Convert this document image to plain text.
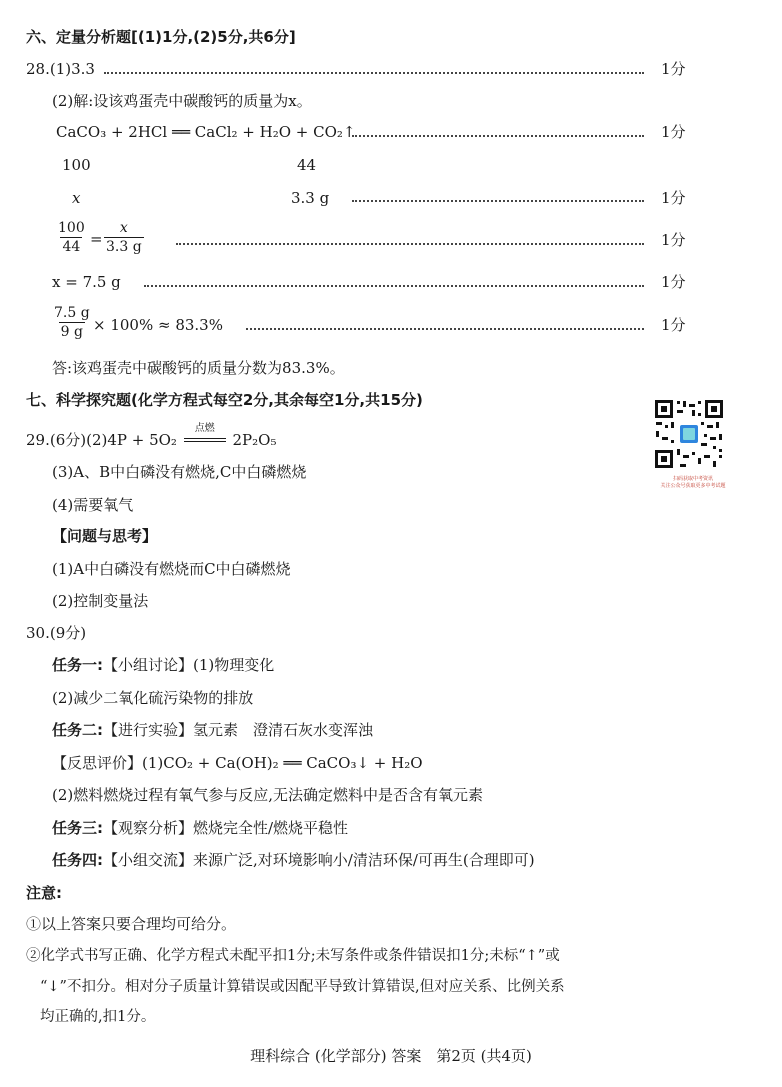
六、定量分析题[(1)1分,(2)5分,共6分]
28.(1)3.3	1分
(2)解:设该鸡蛋壳中碳酸钙的质量为x。
CaCO₃ + 2HCl ══ CaCl₂ + H₂O + CO₂↑	1分
100	44
x	3.3 g	1分
$\frac{100}{44} = \frac{x}{3.3 g}$	1分
x = 7.5 g	1分
$\frac{7.5 g}{9 g} \times 100\% \approx 83.3\%$	1分
答:该鸡蛋壳中碳酸钙的质量分数为83.3%。
七、科学探究题(化学方程式每空2分,其余每空1分,共15分)
29.(6分)(2)4P + 5O₂
点燃
2P₂O₅
(3)A、B中白磷没有燃烧,C中白磷燃烧
(4)需要氧气
【问题与思考】
(1)A中白磷没有燃烧而C中白磷燃烧
(2)控制变量法
扫码获取中考资讯
关注公众号获取更多中考试题
30.(9分)
任务一:【小组讨论】(1)物理变化
(2)减少二氧化硫污染物的排放
任务二:【进行实验】氢元素　澄清石灰水变浑浊
【反思评价】(1)CO₂ + Ca(OH)₂ ══ CaCO₃↓ + H₂O
(2)燃料燃烧过程有氧气参与反应,无法确定燃料中是否含有氧元素
任务三:【观察分析】燃烧完全性/燃烧平稳性
任务四:【小组交流】来源广泛,对环境影响小/清洁环保/可再生(合理即可)
注意:
①以上答案只要合理均可给分。
②化学式书写正确、化学方程式未配平扣1分;未写条件或条件错误扣1分;未标“↑”或
“↓”不扣分。相对分子质量计算错误或因配平导致计算错误,但对应关系、比例关系
均正确的,扣1分。
理科综合 (化学部分) 答案　第2页 (共4页)
